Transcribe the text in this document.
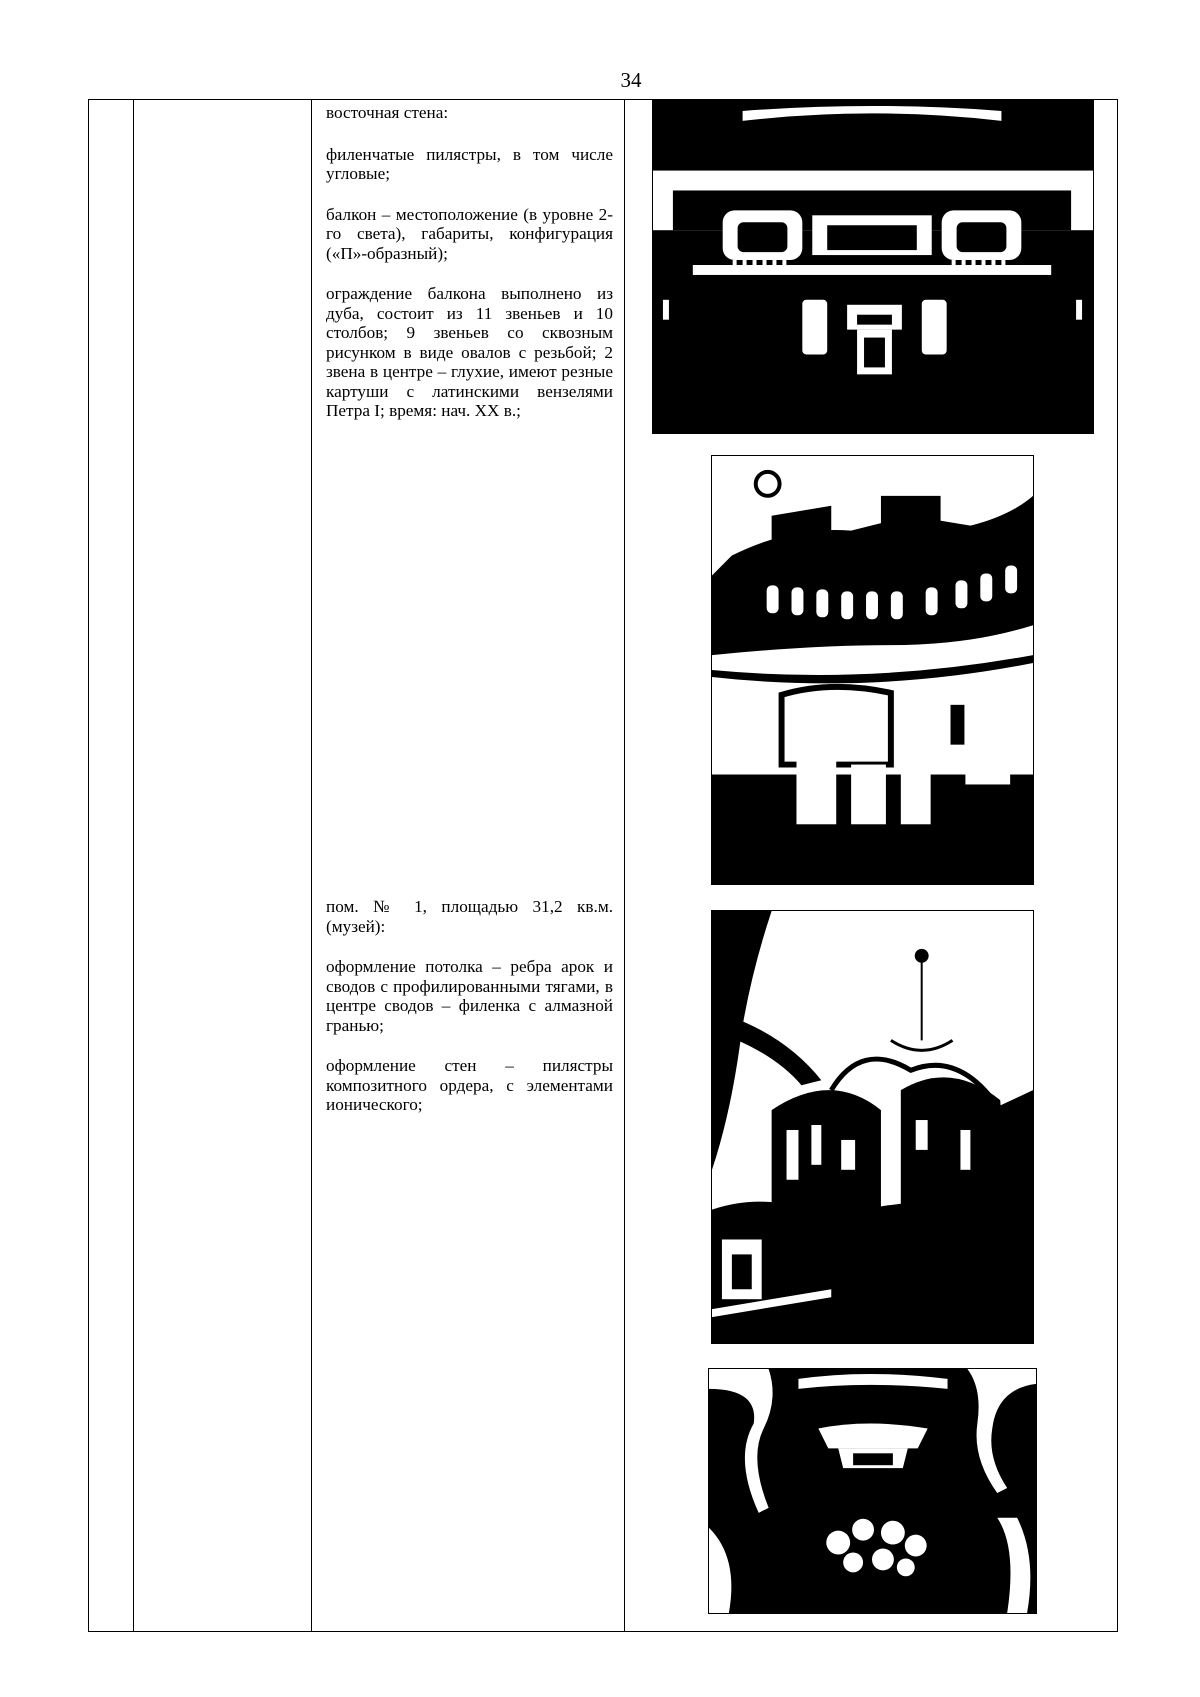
34

восточная стена:

филенчатые пилястры, в том числе угловые;

балкон – местоположение (в уровне 2-го света), габариты, конфигурация («П»-образный);

ограждение балкона выполнено из дуба, состоит из 11 звеньев и 10 столбов; 9 звеньев со сквозным рисунком в виде овалов с резьбой; 2 звена в центре – глухие, имеют резные картуши с латинскими вензелями Петра I; время: нач. XX в.;

пом. № 1, площадью 31,2 кв.м. (музей):

оформление потолка – ребра арок и сводов с профилированными тягами, в центре сводов – филенка с алмазной гранью;

оформление стен – пилястры композитного ордера, с элементами ионического;
